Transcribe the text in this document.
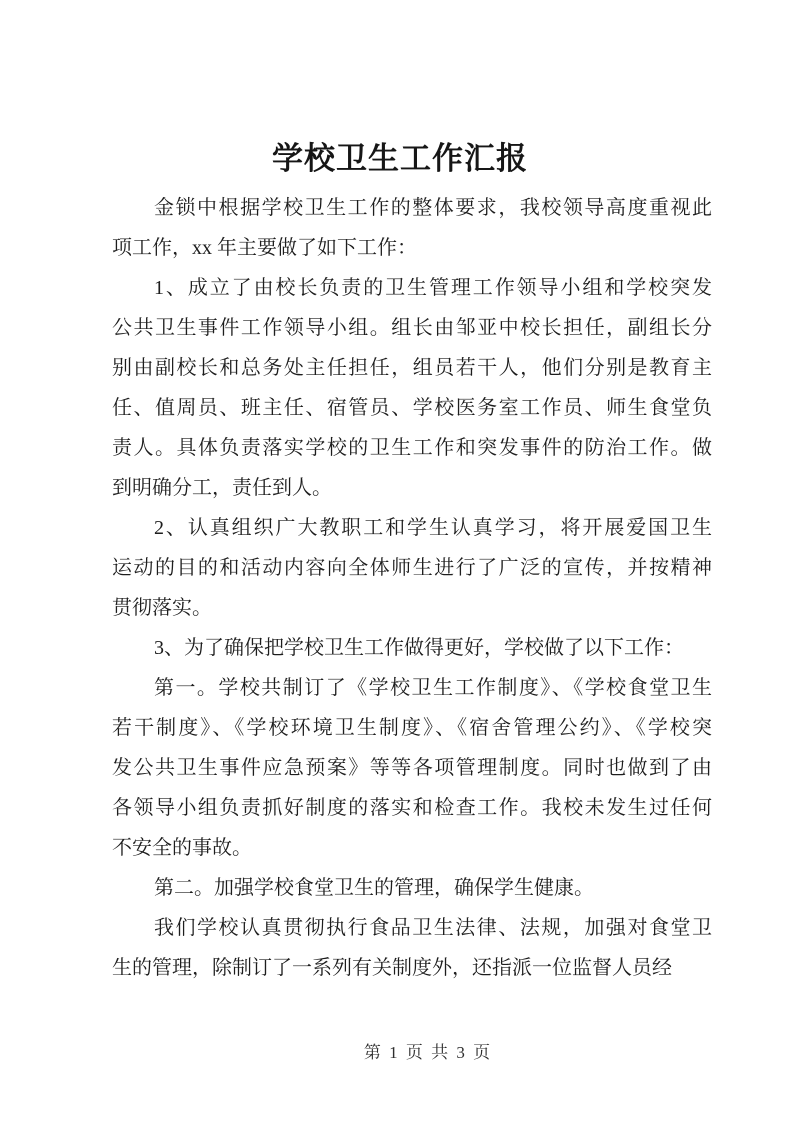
学校卫生工作汇报
金锁中根据学校卫生工作的整体要求，我校领导高度重视此
项工作，xx 年主要做了如下工作：
1、成立了由校长负责的卫生管理工作领导小组和学校突发
公共卫生事件工作领导小组。组长由邹亚中校长担任，副组长分
别由副校长和总务处主任担任，组员若干人，他们分别是教育主
任、值周员、班主任、宿管员、学校医务室工作员、师生食堂负
责人。具体负责落实学校的卫生工作和突发事件的防治工作。做
到明确分工，责任到人。
2、认真组织广大教职工和学生认真学习，将开展爱国卫生
运动的目的和活动内容向全体师生进行了广泛的宣传，并按精神
贯彻落实。
3、为了确保把学校卫生工作做得更好，学校做了以下工作：
第一。学校共制订了《学校卫生工作制度》、《学校食堂卫生
若干制度》、《学校环境卫生制度》、《宿舍管理公约》、《学校突
发公共卫生事件应急预案》等等各项管理制度。同时也做到了由
各领导小组负责抓好制度的落实和检查工作。我校未发生过任何
不安全的事故。
第二。加强学校食堂卫生的管理，确保学生健康。
我们学校认真贯彻执行食品卫生法律、法规，加强对食堂卫
生的管理，除制订了一系列有关制度外，还指派一位监督人员经
第 1 页 共 3 页
